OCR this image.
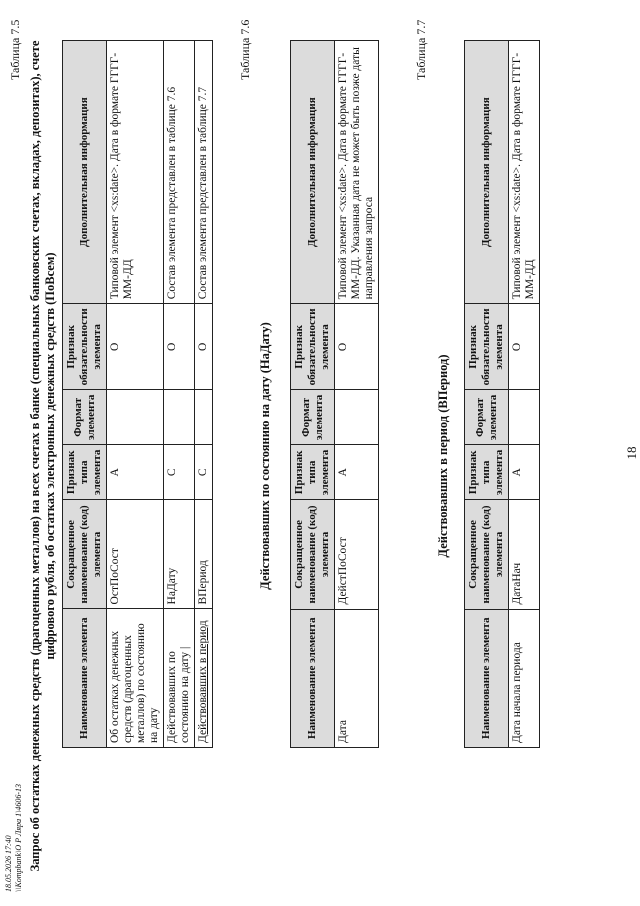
Запрос об остатках денежных средств (драгоценных металлов) на всех счетах в банке (специальных банковских счетах, вкладах, депозитах), счете цифрового рубля, об остатках электронных денежных средств (ПоВсем)
Таблица 7.5
Наименование элемента	Сокращенное наименование (код) элемента	Признак типа элемента	Формат элемента	Признак обязательности элемента	Дополнительная информация
Об остатках денежных средств (драгоценных металлов) по состоянию на дату	ОстПоСост	А		О	Типовой элемент <xs:date>. Дата в формате ГГГГ-ММ-ДД
Действовавших по состоянию на дату |	НаДату	С		О	Состав элемента представлен в таблице 7.6
Действовавших в период	ВПериод	С		О	Состав элемента представлен в таблице 7.7
Таблица 7.6
Действовавших по состоянию на дату (НаДату)
Наименование элемента	Сокращенное наименование (код) элемента	Признак типа элемента	Формат элемента	Признак обязательности элемента	Дополнительная информация
Дата	ДейстПоСост	А		О	Типовой элемент <xs:date>. Дата в формате ГГГГ-ММ-ДД. Указанная дата не может быть позже даты направления запроса
Таблица 7.7
Действовавших в период (ВПериод)
Наименование элемента	Сокращенное наименование (код) элемента	Признак типа элемента	Формат элемента	Признак обязательности элемента	Дополнительная информация
Дата начала периода	ДатаНач	А		О	Типовой элемент <xs:date>. Дата в формате ГГГГ-ММ-ДД
18
18.05.2026 17:40 \\Kompbank\О Р Ляра 1\4606-13
